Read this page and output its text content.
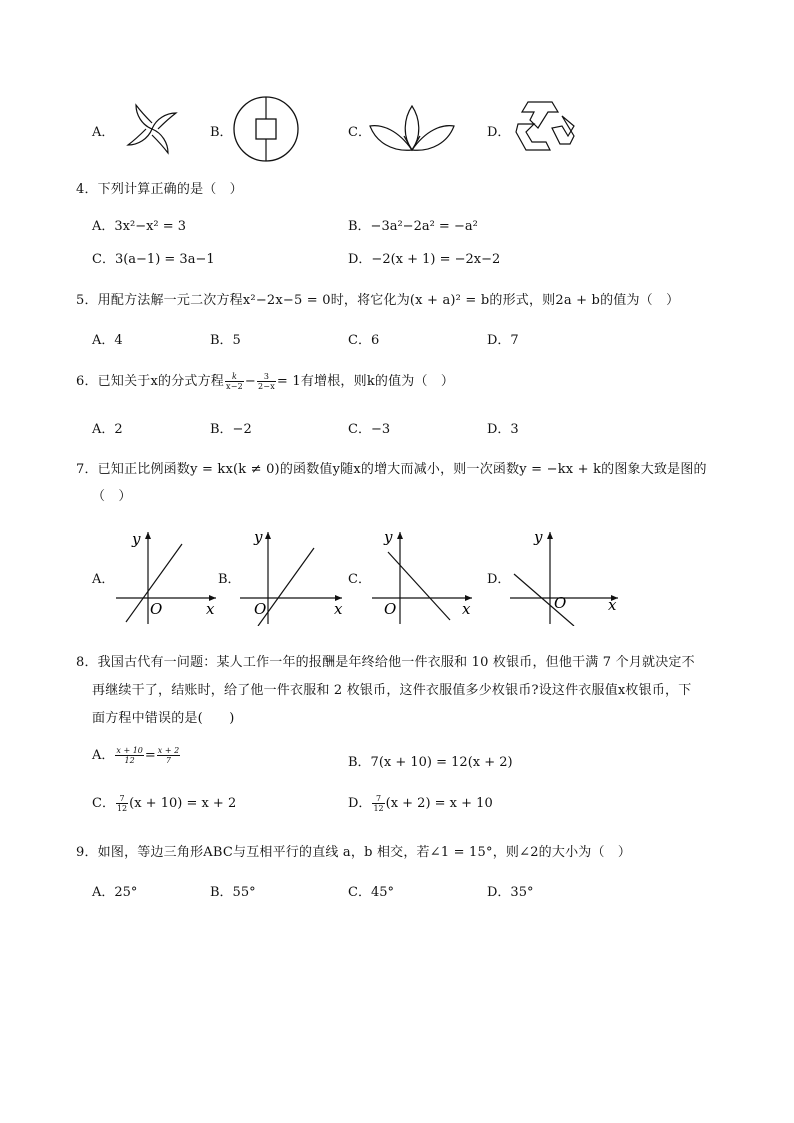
A．	B．	C．	D．
4．下列计算正确的是（　）
A．3x²−x² = 3	B．−3a²−2a² = −a²
C．3(a−1) = 3a−1	D．−2(x + 1) = −2x−2
5．用配方法解一元二次方程x²−2x−5 = 0时，将它化为(x + a)² = b的形式，则2a + b的值为（　）
A．4	B．5	C．6	D．7
6．已知关于x的分式方程 $\frac{k}{x-2} - \frac{3}{2-x} = 1$有增根，则k的值为（　）
A．2	B．−2	C．−3	D．3
7．已知正比例函数y = kx(k ≠ 0)的函数值y随x的增大而减小，则一次函数y = −kx + k的图象大致是图的
（　）
A．
y
x
O
B．
y
x
O
C．
y
x
O
D．
y
x
O
8．我国古代有一问题：某人工作一年的报酬是年终给他一件衣服和 10 枚银币，但他干满 7 个月就决定不
再继续干了，结账时，给了他一件衣服和 2 枚银币，这件衣服值多少枚银币?设这件衣服值x枚银币，下
面方程中错误的是(　　)
A． $\frac{x + 10}{12} = \frac{x + 2}{7}$	B．7(x + 10) = 12(x + 2)
C． $\frac{7}{12} (x + 10) = x + 2$	D． $\frac{7}{12} (x + 2) = x + 10$
9．如图，等边三角形ABC与互相平行的直线 a，b 相交，若∠1 = 15°，则∠2的大小为（　）
A．25°	B．55°	C．45°	D．35°
